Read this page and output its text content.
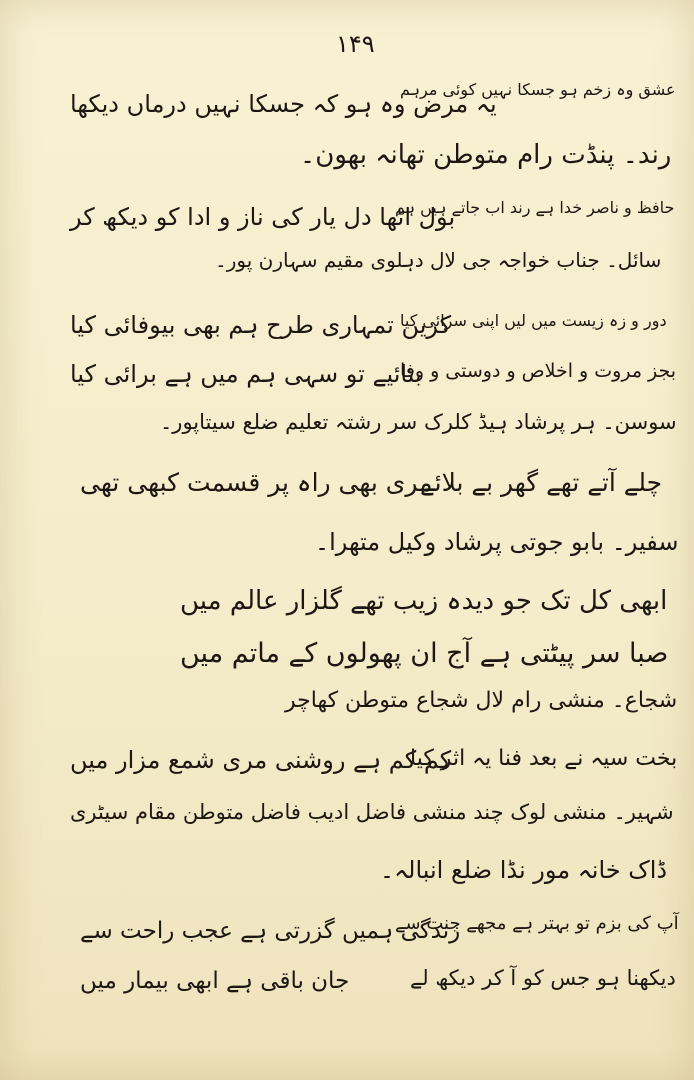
۱۴۹
عشق وہ زخم ہو جسکا نہیں کوئی مرہم
یہ مرض وہ ہو کہ جسکا نہیں درماں دیکھا
رند۔ پنڈت رام متوطن تھانہ بھون۔
حافظ و ناصر خدا ہے رند اب جاتے ہیں ہم
بول اٹھا دل یار کی ناز و ادا کو دیکھ کر
سائل۔ جناب خواجہ جی لال دہلوی مقیم سہارن پور۔
دور و زہ زیست میں لیں اپنی سرائی کیا
کریں تمہاری طرح ہم بھی بیوفائی کیا
بجز مروت و اخلاص و دوستی و وفا
بتائیے تو سہی ہم میں ہے برائی کیا
سوسن۔ ہر پرشاد ہیڈ کلرک سر رشتہ تعلیم ضلع سیتاپور۔
چلے آتے تھے گھر بے بلائے
مری بھی راہ پر قسمت کبھی تھی
سفیر۔ بابو جوتی پرشاد وکیل متھرا۔
ابھی کل تک جو دیدہ زیب تھے گلزار عالم میں
صبا سر پیٹتی ہے آج ان پھولوں کے ماتم میں
شجاع۔ منشی رام لال شجاع متوطن کھاچر
بخت سیہ نے بعد فنا یہ اثر کیا
کم کم ہے روشنی مری شمع مزار میں
شہیر۔ منشی لوک چند منشی فاضل ادیب فاضل متوطن مقام سیٹری
ڈاک خانہ مور نڈا ضلع انبالہ۔
آپ کی بزم تو بہتر ہے مجھے جنت سے
زندگی ہمیں گزرتی ہے عجب راحت سے
دیکھنا ہو جس کو آ کر دیکھ لے
جان باقی ہے ابھی بیمار میں
